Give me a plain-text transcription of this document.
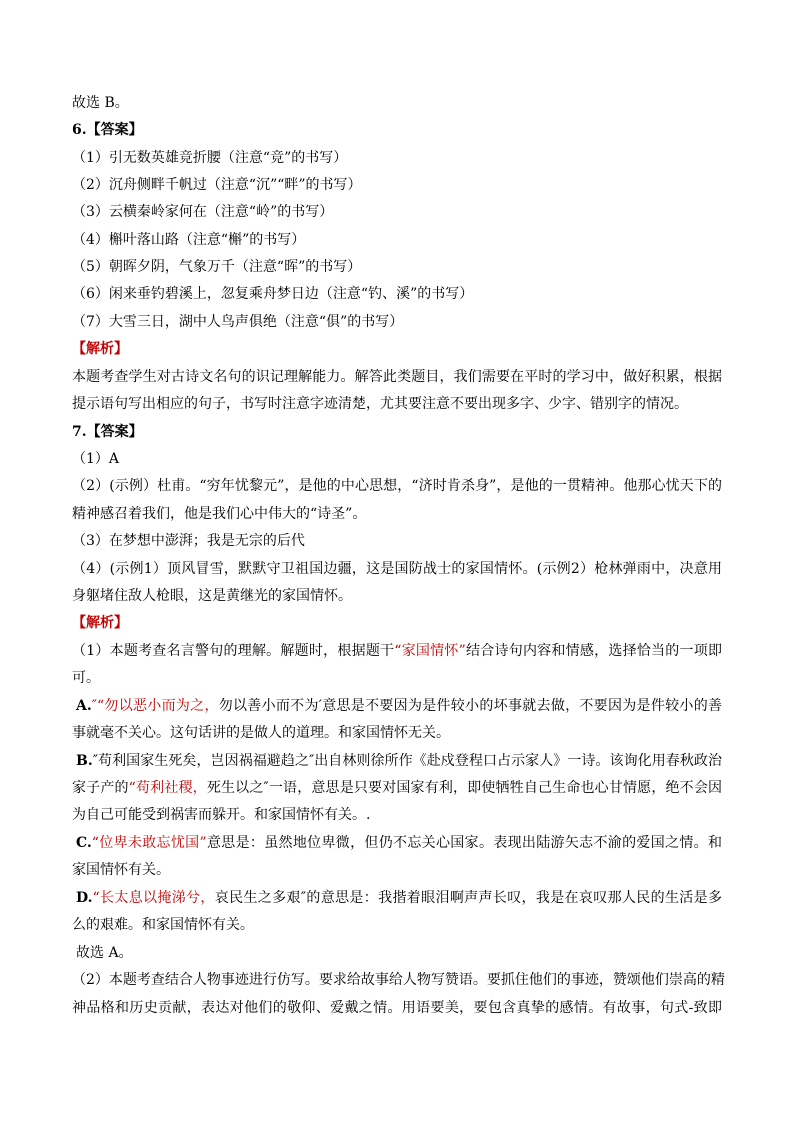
故选 B。
6.【答案】
（1）引无数英雄竞折腰（注意“竞”的书写）
（2）沉舟侧畔千帆过（注意“沉”“畔”的书写）
（3）云横秦岭家何在（注意“岭”的书写）
（4）槲叶落山路（注意“槲”的书写）
（5）朝晖夕阴，气象万千（注意“晖”的书写）
（6）闲来垂钓碧溪上，忽复乘舟梦日边（注意“钓、溪”的书写）
（7）大雪三日，湖中人鸟声俱绝（注意“俱”的书写）
【解析】
本题考查学生对古诗文名句的识记理解能力。解答此类题目，我们需要在平时的学习中，做好积累，根据
提示语句写出相应的句子，书写时注意字迹清楚，尤其要注意不要出现多字、少字、错别字的情况。
7.【答案】
（1）A
（2）(示例）杜甫。“穷年忧黎元”，是他的中心思想，“济时肯杀身”，是他的一贯精神。他那心忧天下的
精神感召着我们，他是我们心中伟大的“诗圣”。
（3）在梦想中澎湃；我是无宗的后代
（4）(示例1）顶风冒雪，默默守卫祖国边疆，这是国防战士的家国情怀。(示例2）枪林弹雨中，决意用
身躯堵住敌人枪眼，这是黄继光的家国情怀。
【解析】
（1）本题考查名言警句的理解。解题时，根据题干“家国情怀”结合诗句内容和情感，选择恰当的一项即
可。
A.″“勿以恶小而为之，勿以善小而不为′意思是不要因为是件较小的坏事就去做，不要因为是件较小的善
事就毫不关心。这句话讲的是做人的道理。和家国情怀无关。
B.″苟利国家生死矣，岂因祸福避趋之″出自林则徐所作《赴戍登程口占示家人》一诗。该询化用春秋政治
家子产的“苟利社稷，死生以之″一语，意思是只要对国家有利，即使牺牲自己生命也心甘情愿，绝不会因
为自己可能受到祸害而躲开。和家国情怀有关。.
C.“位卑未敢忘忧国”意思是：虽然地位卑微，但仍不忘关心国家。表现出陆游矢志不渝的爱国之情。和
家国情怀有关。
D.“长太息以掩涕兮，哀民生之多艰″的意思是：我揩着眼泪啊声声长叹，我是在哀叹那人民的生活是多
么的艰难。和家国情怀有关。
故选 A。
（2）本题考查结合人物事迹进行仿写。要求给故事给人物写赞语。要抓住他们的事迹，赞颂他们崇高的精
神品格和历史贡献，表达对他们的敬仰、爱戴之情。用语要美，要包含真挚的感情。有故事，句式-致即
